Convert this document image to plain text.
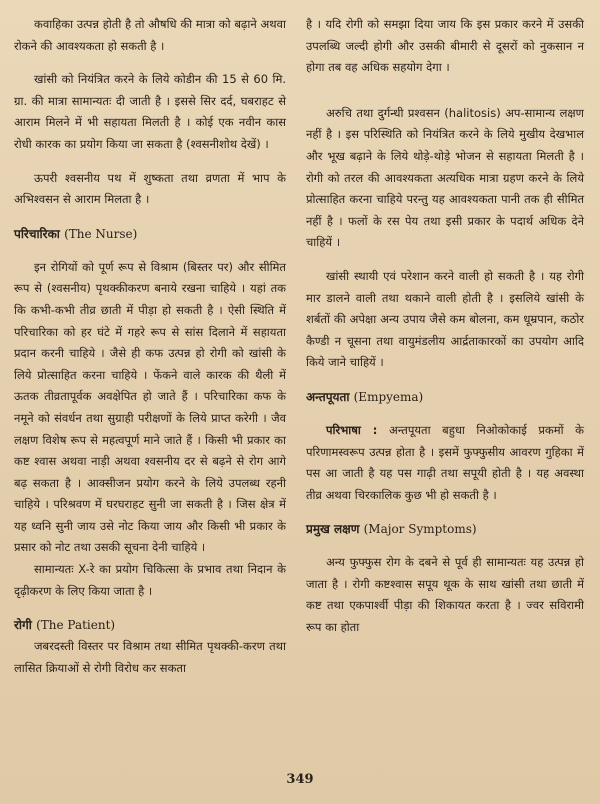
कवाहिका उत्पन्न होती है तो औषधि की मात्रा को बढ़ाने अथवा रोकने की आवश्यकता हो सकती है ।

खांसी को नियंत्रित करने के लिये कोडीन की 15 से 60 मि. ग्रा. की मात्रा सामान्यतः दी जाती है । इससे सिर दर्द, घबराहट से आराम मिलने में भी सहायता मिलती है । कोई एक नवीन कास रोधी कारक का प्रयोग किया जा सकता है (श्वसनीशोथ देखें) ।

ऊपरी श्वसनीय पथ में शुष्कता तथा व्रणता में भाप के अभिश्वसन से आराम मिलता है ।

परिचारिका (The Nurse)

इन रोगियों को पूर्ण रूप से विश्राम (बिस्तर पर) और सीमित रूप से (श्वसनीय) पृथक्कीकरण बनाये रखना चाहिये । यहां तक कि कभी-कभी तीव्र छाती में पीड़ा हो सकती है । ऐसी स्थिति में परिचारिका को हर घंटे में गहरे रूप से सांस दिलाने में सहायता प्रदान करनी चाहिये । जैसे ही कफ उत्पन्न हो रोगी को खांसी के लिये प्रोत्साहित करना चाहिये । फेंकने वाले कारक की थैली में ऊतक तीव्रतापूर्वक अवक्षेपित हो जाते हैं । परिचारिका कफ के नमूने को संवर्धन तथा सुग्राही परीक्षणों के लिये प्राप्त करेगी । जैव लक्षण विशेष रूप से महत्वपूर्ण माने जाते हैं । किसी भी प्रकार का कष्ट श्वास अथवा नाड़ी अथवा श्वसनीय दर से बढ़ने से रोग आगे बढ़ सकता है । आक्सीजन प्रयोग करने के लिये उपलब्ध रहनी चाहिये । परिश्रवण में घरघराहट सुनी जा सकती है । जिस क्षेत्र में यह ध्वनि सुनी जाय उसे नोट किया जाय और किसी भी प्रकार के प्रसार को नोट तथा उसकी सूचना देनी चाहिये ।

सामान्यतः X-रे का प्रयोग चिकित्सा के प्रभाव तथा निदान के दृढ़ीकरण के लिए किया जाता है ।

रोगी (The Patient)

जबरदस्ती विस्तर पर विश्राम तथा सीमित पृथक्की-करण तथा लासित क्रियाओं से रोगी विरोध कर सकता

है । यदि रोगी को समझा दिया जाय कि इस प्रकार करने में उसकी उपलब्धि जल्दी होगी और उसकी बीमारी से दूसरों को नुकसान न होगा तब वह अधिक सहयोग देगा ।

अरुचि तथा दुर्गन्धी प्रश्वसन (halitosis) अप-सामान्य लक्षण नहीं है । इस परिस्थिति को नियंत्रित करने के लिये मुखीय देखभाल और भूख बढ़ाने के लिये थोड़े-थोड़े भोजन से सहायता मिलती है । रोगी को तरल की आवश्यकता अत्यधिक मात्रा ग्रहण करने के लिये प्रोत्साहित करना चाहिये परन्तु यह आवश्यकता पानी तक ही सीमित नहीं है । फलों के रस पेय तथा इसी प्रकार के पदार्थ अधिक देने चाहियें ।

खांसी स्थायी एवं परेशान करने वाली हो सकती है । यह रोगी मार डालने वाली तथा थकाने वाली होती है । इसलिये खांसी के शर्बतों की अपेक्षा अन्य उपाय जैसे कम बोलना, कम धूम्रपान, कठोर कैण्डी न चूसना तथा वायुमंडलीय आर्द्रताकारकों का उपयोग आदि किये जाने चाहियें ।

अन्तपूयता (Empyema)

परिभाषा : अन्तपूयता बहुधा निओकोकाई प्रकमों के परिणामस्वरूप उत्पन्न होता है । इसमें फुफ्फुसीय आवरण गुहिका में पस आ जाती है यह पस गाढ़ी तथा सपूयी होती है । यह अवस्था तीव्र अथवा चिरकालिक कुछ भी हो सकती है ।

प्रमुख लक्षण (Major Symptoms)

अन्य फुफ्फुस रोग के दबने से पूर्व ही सामान्यतः यह उत्पन्न हो जाता है । रोगी कष्टश्वास सपूय थूक के साथ खांसी तथा छाती में कष्ट तथा एकपार्श्वी पीड़ा की शिकायत करता है । ज्वर सविरामी रूप का होता

349
